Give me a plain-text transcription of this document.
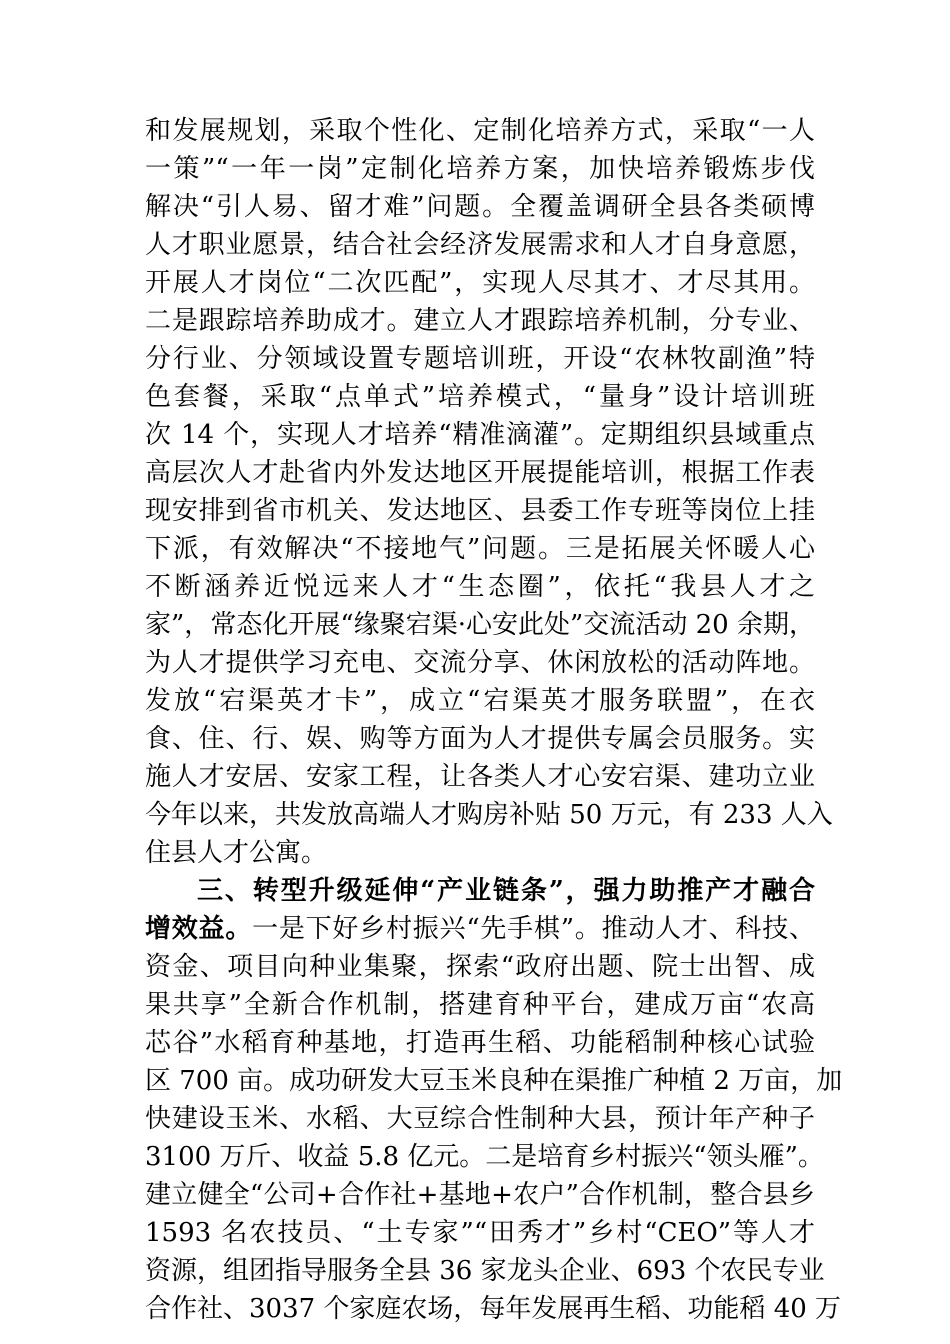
和发展规划，采取个性化、定制化培养方式，采取“一人
一策”“一年一岗”定制化培养方案，加快培养锻炼步伐
解决“引人易、留才难”问题。全覆盖调研全县各类硕博
人才职业愿景，结合社会经济发展需求和人才自身意愿，
开展人才岗位“二次匹配”，实现人尽其才、才尽其用。
二是跟踪培养助成才。建立人才跟踪培养机制，分专业、
分行业、分领域设置专题培训班，开设“农林牧副渔”特
色套餐，采取“点单式”培养模式，“量身”设计培训班
次 14 个，实现人才培养“精准滴灌”。定期组织县域重点
高层次人才赴省内外发达地区开展提能培训，根据工作表
现安排到省市机关、发达地区、县委工作专班等岗位上挂
下派，有效解决“不接地气”问题。三是拓展关怀暖人心
不断涵养近悦远来人才“生态圈”，依托“我县人才之
家”，常态化开展“缘聚宕渠·心安此处”交流活动 20 余期，
为人才提供学习充电、交流分享、休闲放松的活动阵地。
发放“宕渠英才卡”，成立“宕渠英才服务联盟”，在衣
食、住、行、娱、购等方面为人才提供专属会员服务。实
施人才安居、安家工程，让各类人才心安宕渠、建功立业
今年以来，共发放高端人才购房补贴 50 万元，有 233 人入
住县人才公寓。
三、转型升级延伸“产业链条”，强力助推产才融合
增效益。一是下好乡村振兴“先手棋”。推动人才、科技、
资金、项目向种业集聚，探索“政府出题、院士出智、成
果共享”全新合作机制，搭建育种平台，建成万亩“农高
芯谷”水稻育种基地，打造再生稻、功能稻制种核心试验
区 700 亩。成功研发大豆玉米良种在渠推广种植 2 万亩，加
快建设玉米、水稻、大豆综合性制种大县，预计年产种子
3100 万斤、收益 5.8 亿元。二是培育乡村振兴“领头雁”。
建立健全“公司+合作社+基地+农户”合作机制，整合县乡
1593 名农技员、“土专家”“田秀才”乡村“CEO”等人才
资源，组团指导服务全县 36 家龙头企业、693 个农民专业
合作社、3037 个家庭农场，每年发展再生稻、功能稻 40 万
